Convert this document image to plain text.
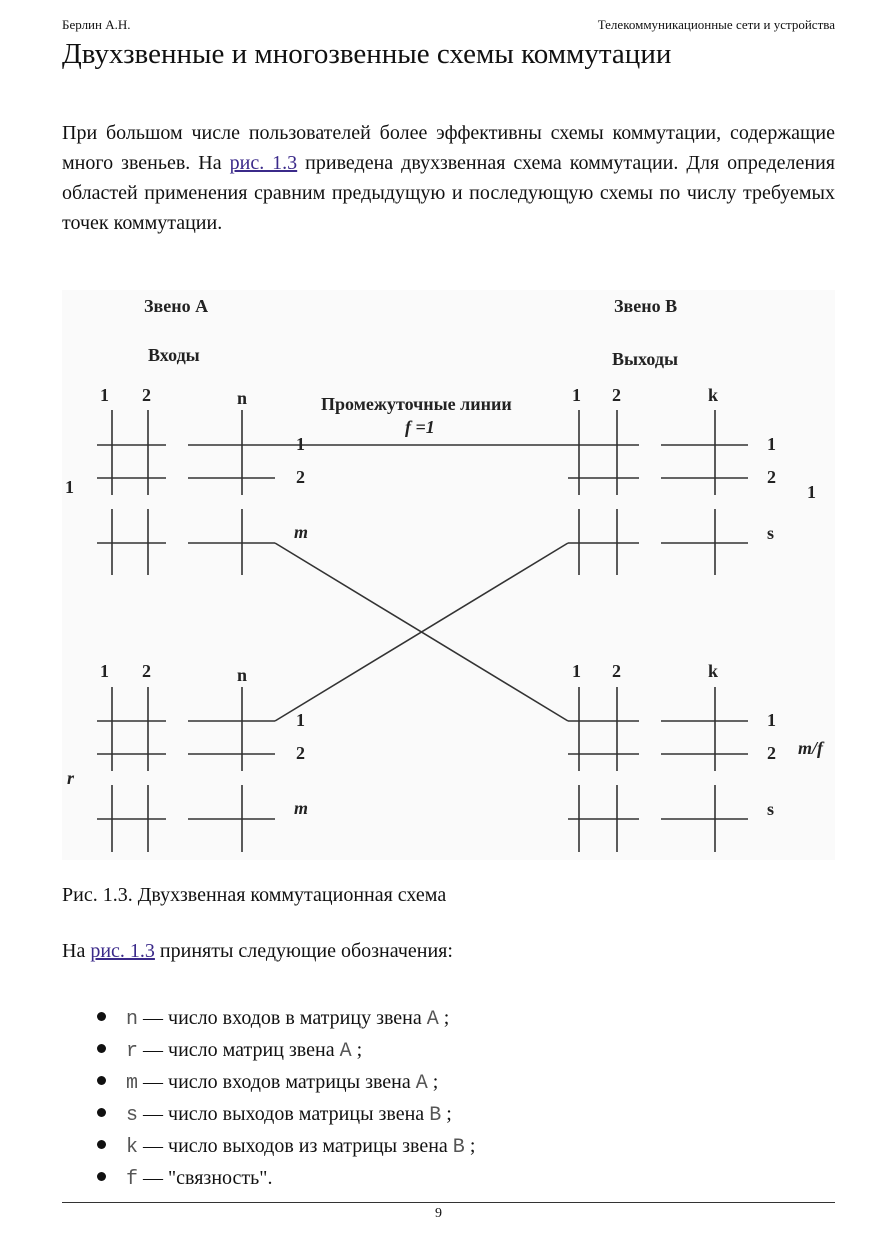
Берлин А.Н.	Телекоммуникационные сети и устройства
Двухзвенные и многозвенные схемы коммутации

При большом числе пользователей более эффективны схемы коммутации, содержащие много звеньев. На рис. 1.3 приведена двухзвенная схема коммутации. Для определения областей применения сравним предыдущую и последующую схемы по числу требуемых точек коммутации.

Звено А	Звено В
Входы	Выходы
Промежуточные линии
f =1
1 2	n
1 2	n
1 2	k
1 2	k
1
2
m
1
2
m
1
2
s
1
2
s
1
r
1
m/f
Рис. 1.3. Двухзвенная коммутационная схема
На рис. 1.3 приняты следующие обозначения:
n — число входов в матрицу звена A ;
r — число матриц звена A ;
m — число входов матрицы звена A ;
s — число выходов матрицы звена B ;
k — число выходов из матрицы звена B ;
f — "связность".
9
